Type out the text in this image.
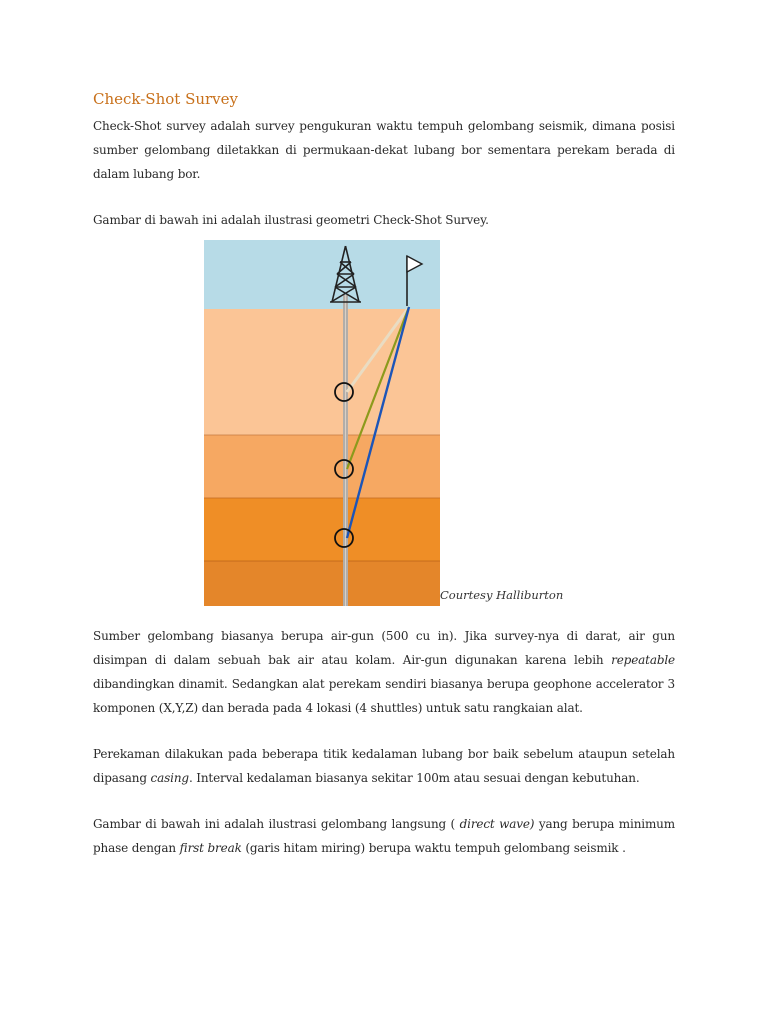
Check-Shot Survey

Check-Shot survey adalah survey pengukuran waktu tempuh gelombang seismik, dimana posisi sumber gelombang diletakkan di permukaan-dekat lubang bor sementara perekam berada di dalam lubang bor.

Gambar di bawah ini adalah ilustrasi geometri Check-Shot Survey.

Courtesy Halliburton

Sumber gelombang biasanya berupa air-gun (500 cu in). Jika survey-nya di darat, air gun disimpan di dalam sebuah bak air atau kolam. Air-gun digunakan karena lebih repeatable dibandingkan dinamit. Sedangkan alat perekam sendiri biasanya berupa geophone accelerator 3 komponen (X,Y,Z) dan berada pada 4 lokasi (4 shuttles) untuk satu rangkaian alat.

Perekaman dilakukan pada beberapa titik kedalaman lubang bor baik sebelum ataupun setelah dipasang casing. Interval kedalaman biasanya sekitar 100m atau sesuai dengan kebutuhan.

Gambar di bawah ini adalah ilustrasi gelombang langsung ( direct wave) yang berupa minimum phase dengan first break (garis hitam miring) berupa waktu tempuh gelombang seismik .
